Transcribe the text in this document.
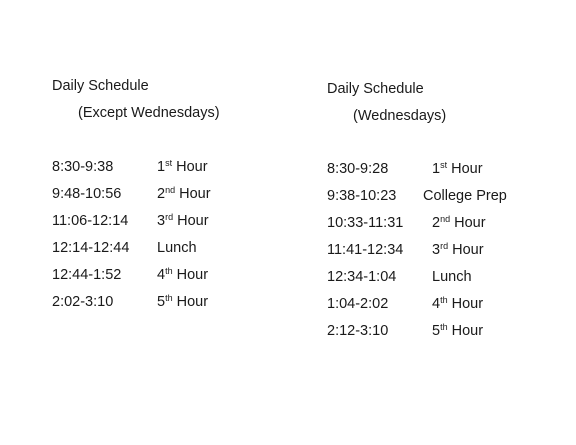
Daily Schedule
(Except Wednesdays)
8:30-9:38	1st Hour
9:48-10:56 2nd Hour
11:06-12:14 3rd Hour
12:14-12:44 Lunch
12:44-1:52 4th Hour
2:02-3:10	5th Hour
Daily Schedule
(Wednesdays)
8:30-9:28	1st Hour
9:38-10:23 College Prep
10:33-11:31 2nd Hour
11:41-12:34 3rd Hour
12:34-1:04 Lunch
1:04-2:02	4th Hour
2:12-3:10	5th Hour
